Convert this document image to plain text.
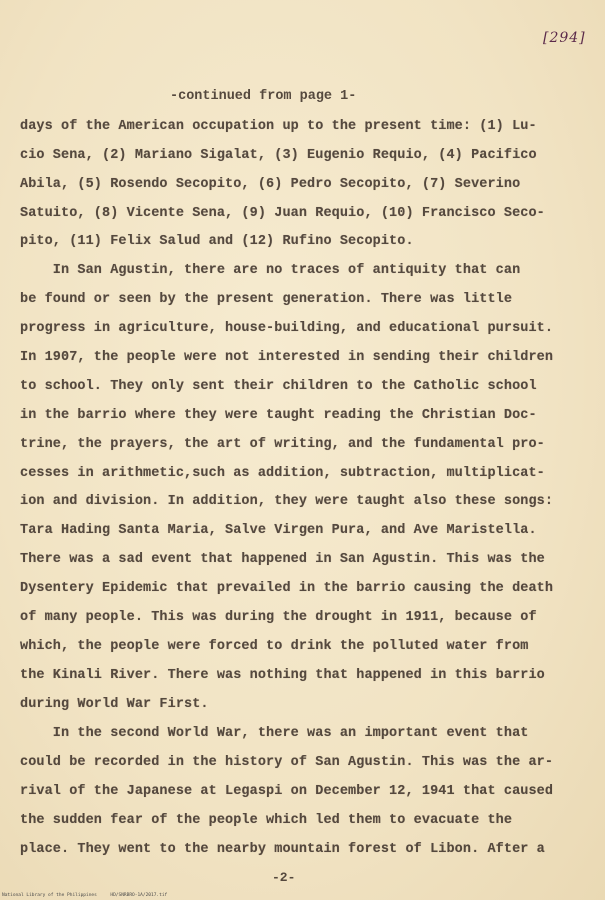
[294]
-continued from page 1-
days of the American occupation up to the present time: (1) Lu-
cio Sena, (2) Mariano Sigalat, (3) Eugenio Requio, (4) Pacifico
Abila, (5) Rosendo Secopito, (6) Pedro Secopito, (7) Severino
Satuito, (8) Vicente Sena, (9) Juan Requio, (10) Francisco Seco-
pito, (11) Felix Salud and (12) Rufino Secopito.
In San Agustin, there are no traces of antiquity that can
be found or seen by the present generation. There was little
progress in agriculture, house-building, and educational pursuit.
In 1907, the people were not interested in sending their children
to school. They only sent their children to the Catholic school
in the barrio where they were taught reading the Christian Doc-
trine, the prayers, the art of writing, and the fundamental pro-
cesses in arithmetic,such as addition, subtraction, multiplicat-
ion and division. In addition, they were taught also these songs:
Tara Hading Santa Maria, Salve Virgen Pura, and Ave Maristella.
There was a sad event that happened in San Agustin. This was the
Dysentery Epidemic that prevailed in the barrio causing the death
of many people. This was during the drought in 1911, because of
which, the people were forced to drink the polluted water from
the Kinali River. There was nothing that happened in this barrio
during World War First.
In the second World War, there was an important event that
could be recorded in the history of San Agustin. This was the ar-
rival of the Japanese at Legaspi on December 12, 1941 that caused
the sudden fear of the people which led them to evacuate the
place. They went to the nearby mountain forest of Libon. After a
-2-
National Library of the Philippines     HD/SNRBRO-1A/2017.tif
